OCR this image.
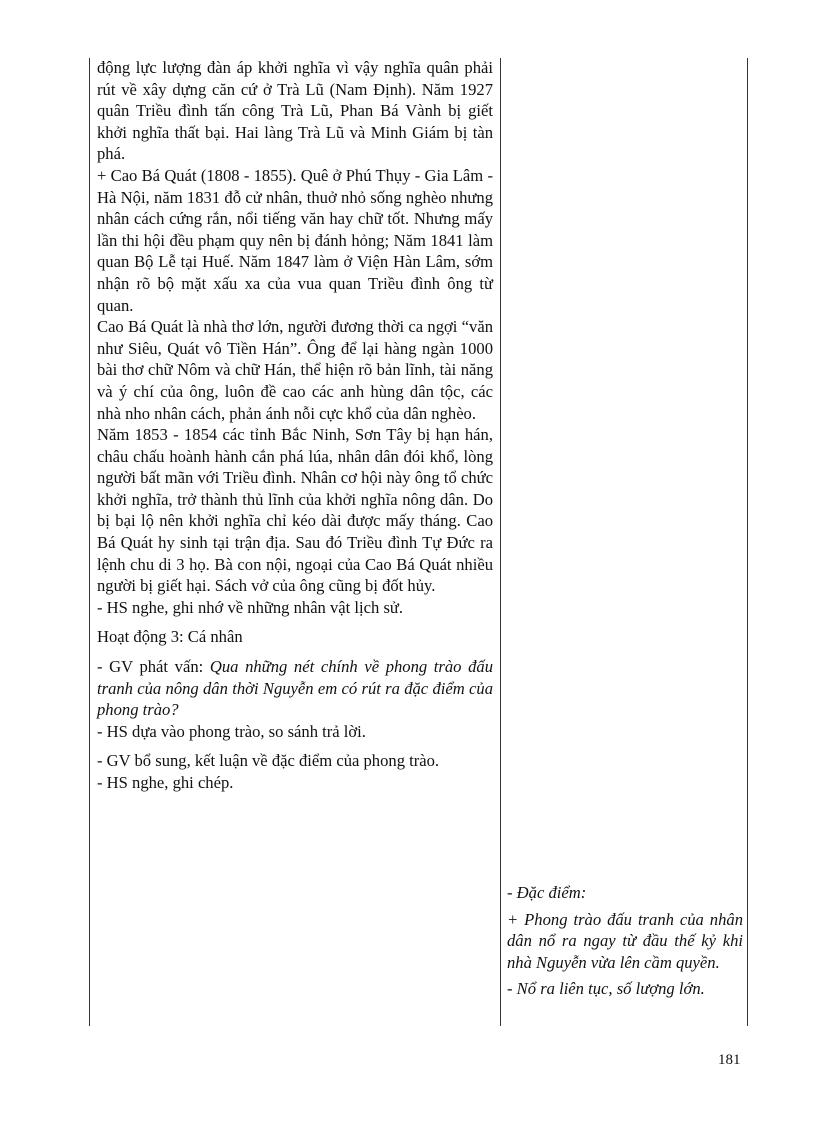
động lực lượng đàn áp khởi nghĩa vì vậy nghĩa quân phải rút về xây dựng căn cứ ở Trà Lũ (Nam Định). Năm 1927 quân Triều đình tấn công Trà Lũ, Phan Bá Vành bị giết khởi nghĩa thất bại. Hai làng Trà Lũ và Minh Giám bị tàn phá.

+ Cao Bá Quát (1808 - 1855). Quê ở Phú Thụy - Gia Lâm - Hà Nội, năm 1831 đỗ cử nhân, thuở nhỏ sống nghèo nhưng nhân cách cứng rắn, nổi tiếng văn hay chữ tốt. Nhưng mấy lần thi hội đều phạm quy nên bị đánh hỏng; Năm 1841 làm quan Bộ Lễ tại Huế. Năm 1847 làm ở Viện Hàn Lâm, sớm nhận rõ bộ mặt xấu xa của vua quan Triều đình ông từ quan.

Cao Bá Quát là nhà thơ lớn, người đương thời ca ngợi “văn như Siêu, Quát vô Tiền Hán”. Ông để lại hàng ngàn 1000 bài thơ chữ Nôm và chữ Hán, thể hiện rõ bản lĩnh, tài năng và ý chí của ông, luôn đề cao các anh hùng dân tộc, các nhà nho nhân cách, phản ánh nỗi cực khổ của dân nghèo.

Năm 1853 - 1854 các tỉnh Bắc Ninh, Sơn Tây bị hạn hán, châu chấu hoành hành cắn phá lúa, nhân dân đói khổ, lòng người bất mãn với Triều đình. Nhân cơ hội này ông tổ chức khởi nghĩa, trở thành thủ lĩnh của khởi nghĩa nông dân. Do bị bại lộ nên khởi nghĩa chỉ kéo dài được mấy tháng. Cao Bá Quát hy sinh tại trận địa. Sau đó Triều đình Tự Đức ra lệnh chu di 3 họ. Bà con nội, ngoại của Cao Bá Quát nhiều người bị giết hại. Sách vở của ông cũng bị đốt hủy.

- HS nghe, ghi nhớ về những nhân vật lịch sử.

Hoạt động 3: Cá nhân

- GV phát vấn: Qua những nét chính về phong trào đấu tranh của nông dân thời Nguyễn em có rút ra đặc điểm của phong trào?

- HS dựa vào phong trào, so sánh trả lời.

- GV bổ sung, kết luận về đặc điểm của phong trào.

- HS nghe, ghi chép.

- Đặc điểm:

+ Phong trào đấu tranh của nhân dân nổ ra ngay từ đầu thế kỷ khi nhà Nguyễn vừa lên cầm quyền.

- Nổ ra liên tục, số lượng lớn.

181
